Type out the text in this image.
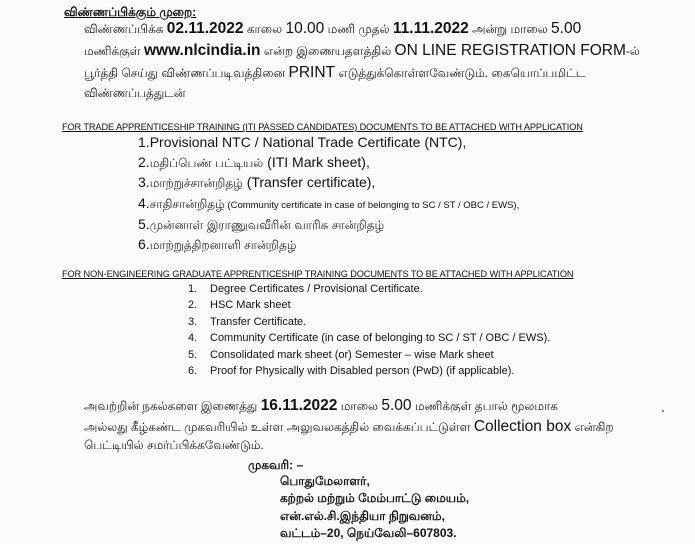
விண்ணப்பிக்கும் முறை:
விண்ணப்பிக்க 02.11.2022 காலை 10.00 மணி முதல் 11.11.2022 அன்று மாலை 5.00
மணிக்குள் www.nlcindia.in என்ற இணையதளத்தில் ON LINE REGISTRATION FORM-ல்
பூர்த்தி செய்து விண்ணப்படிவத்தினை PRINT எடுத்துக்கொள்ளவேண்டும். கையொப்பமிட்ட
விண்ணப்பத்துடன்
FOR TRADE APPRENTICESHIP TRAINING (ITI PASSED CANDIDATES) DOCUMENTS TO BE ATTACHED WITH APPLICATION
1.Provisional NTC / National Trade Certificate (NTC),
2.மதிப்பெண் பட்டியல் (ITI Mark sheet),
3.மாற்றுச்சான்றிதழ் (Transfer certificate),
4.சாதிசான்றிதழ் (Community certificate in case of belonging to SC / ST / OBC / EWS),
5.முன்னாள் இராணுவவீரின் வாரிசு சான்றிதழ்
6.மாற்றுத்திறனாளி சான்றிதழ்
FOR NON-ENGINEERING GRADUATE APPRENTICESHIP TRAINING DOCUMENTS TO BE ATTACHED WITH APPLICATION
1. Degree Certificates / Provisional Certificate.
2. HSC Mark sheet
3. Transfer Certificate.
4. Community Certificate (in case of belonging to SC / ST / OBC / EWS).
5. Consolidated mark sheet (or) Semester – wise Mark sheet
6. Proof for Physically with Disabled person (PwD) (if applicable).
அவற்றின் நகல்களை இணைத்து 16.11.2022 மாலை 5.00 மணிக்குள் தபால் மூலமாக
அல்லது கீழ்கண்ட முகவரியில் உள்ள அலுவலகத்தில் வைக்கப்பட்டுள்ள Collection box என்கிற
பெட்டியில் சமர்ப்பிக்கவேண்டும்.
முகவரி: –
பொதுமேலாளர்,
கற்றல் மற்றும் மேம்பாட்டு மையம்,
என்.எல்.சி.இந்தியா நிறுவனம்,
வட்டம்–20, நெய்வேலி–607803.
